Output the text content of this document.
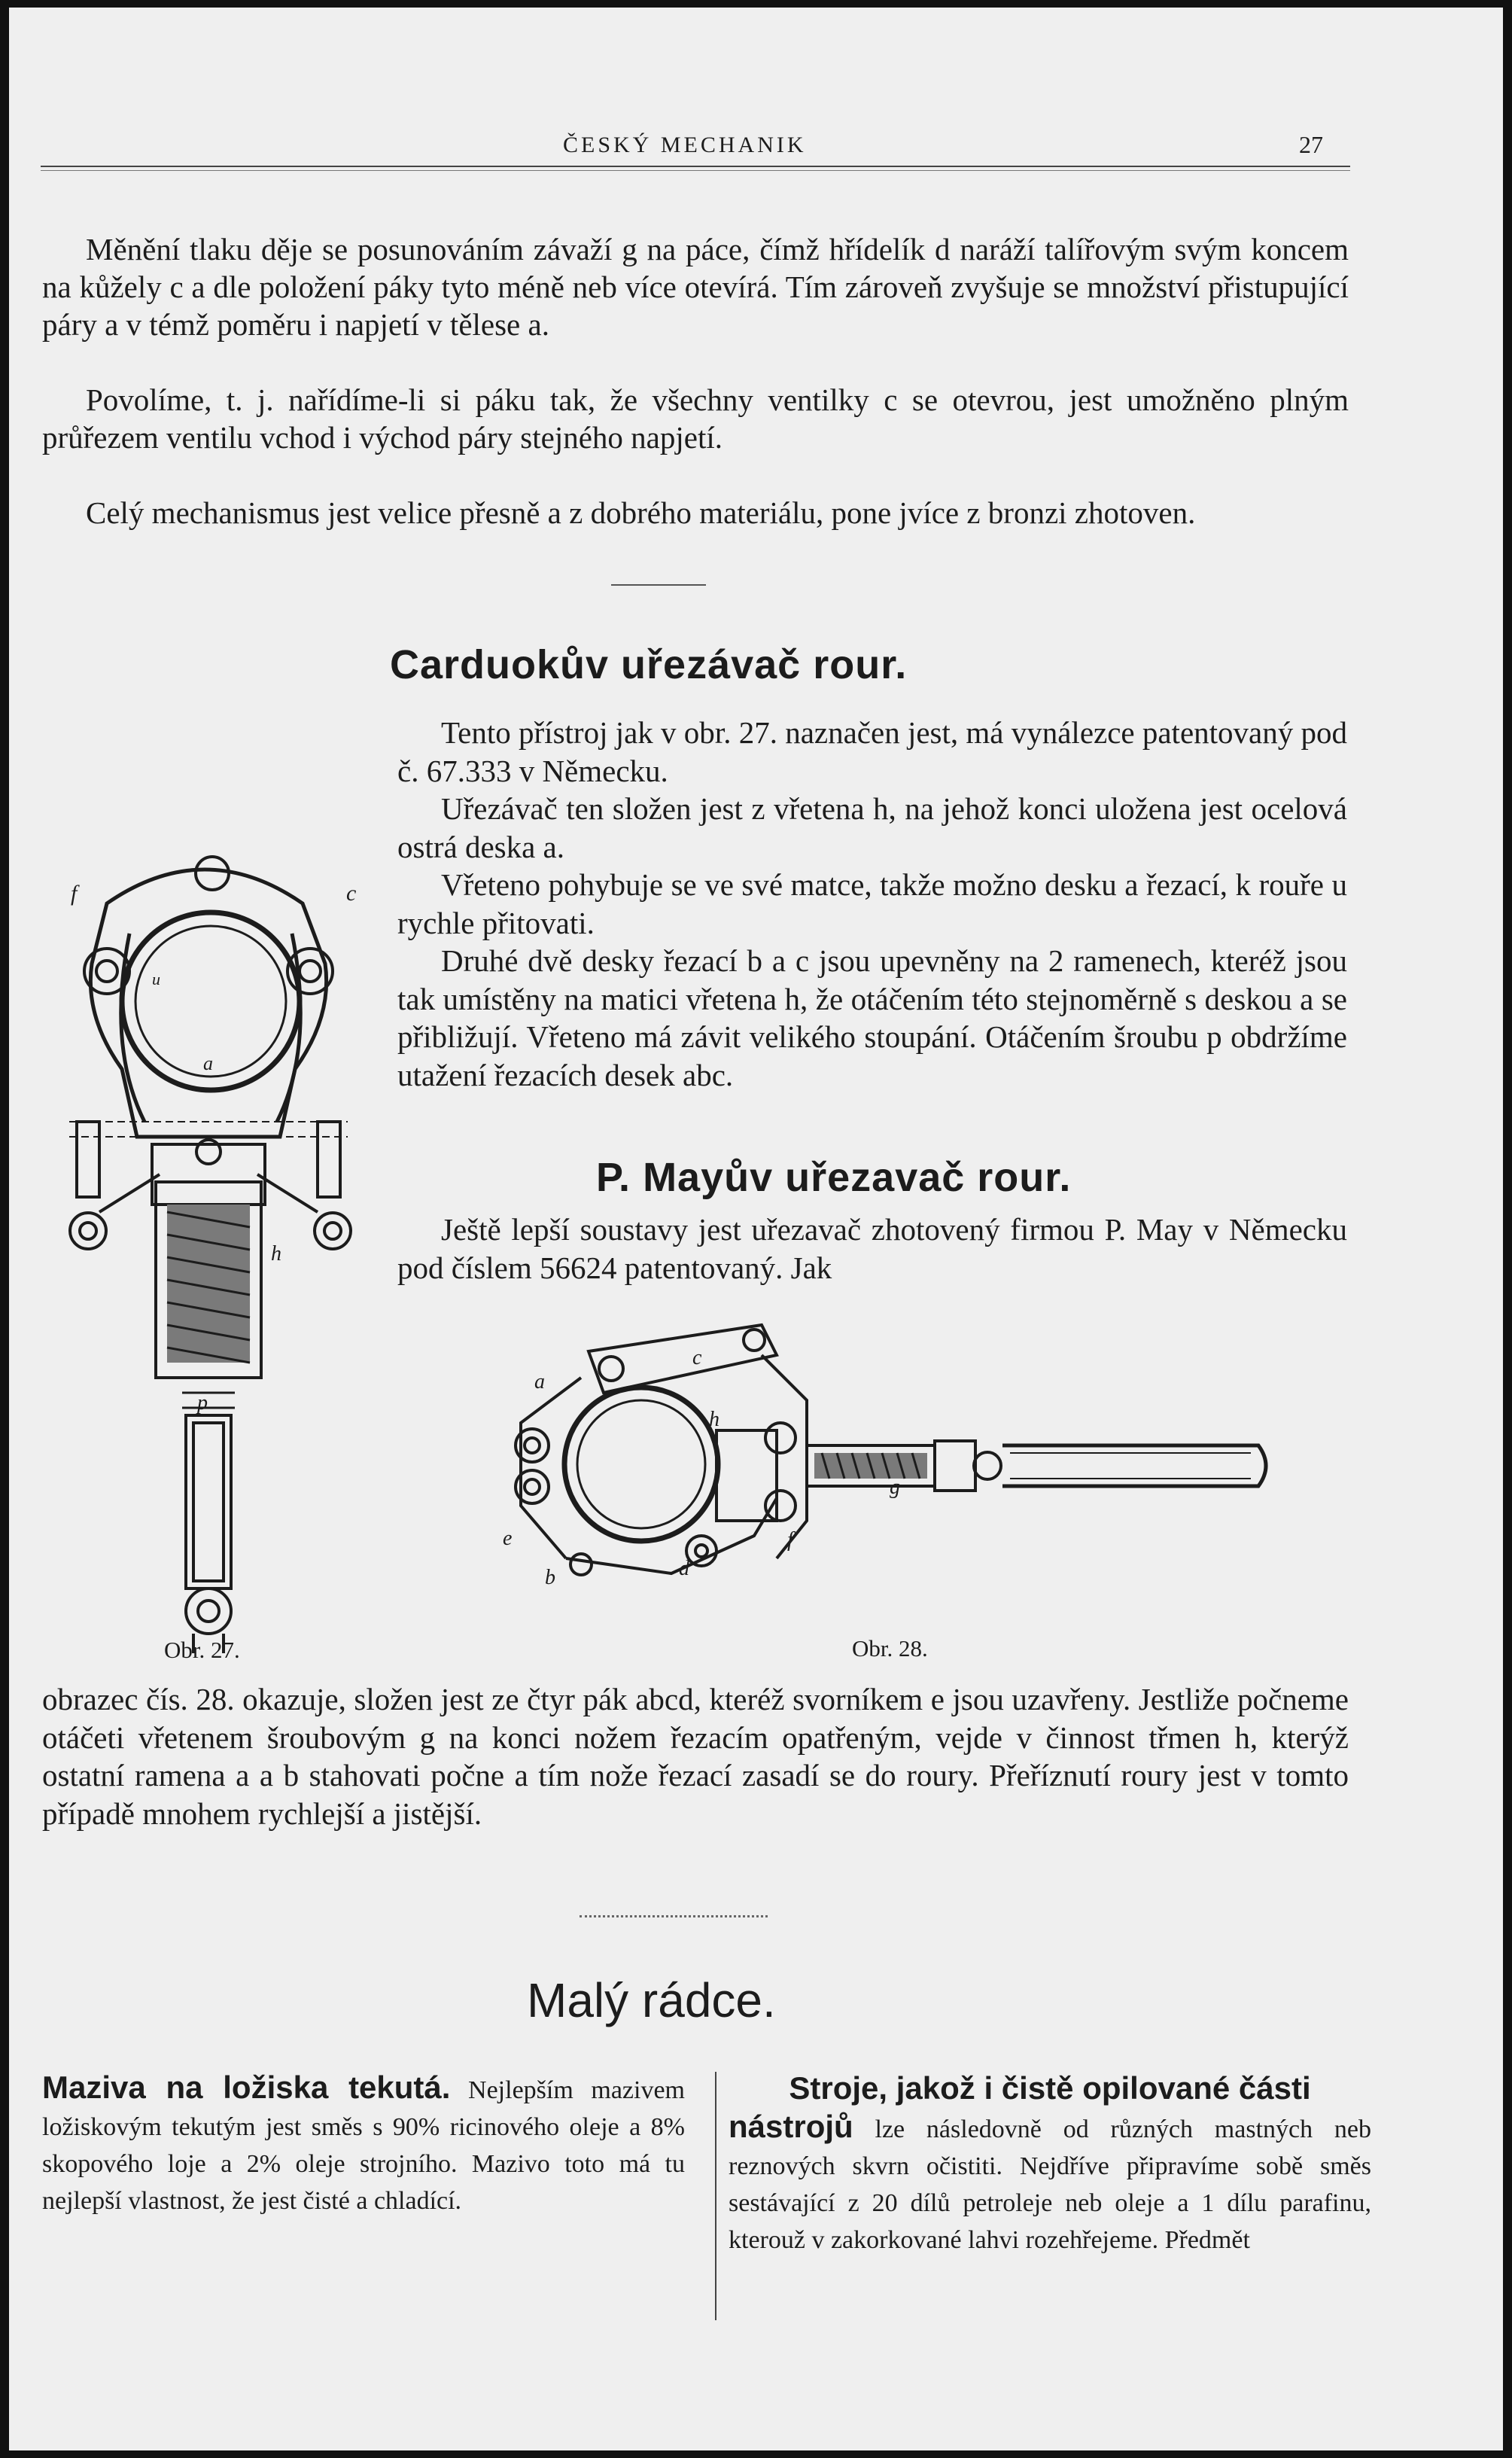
ČESKÝ MECHANIK	27

Měnění tlaku děje se posunováním závaží g na páce, čímž hřídelík d naráží talířovým svým koncem na kůžely c a dle položení páky tyto méně neb více otevírá. Tím zároveň zvyšuje se množství přistupující páry a v témž poměru i napjetí v tělese a.

Povolíme, t. j. nařídíme-li si páku tak, že všechny ventilky c se otevrou, jest umožněno plným průřezem ventilu vchod i východ páry stejného napjetí.

Celý mechanismus jest velice přesně a z dobrého materiálu, pone jvíce z bronzi zhotoven.

Carduokův uřezávač rour.

Tento přístroj jak v obr. 27. naznačen jest, má vynálezce patentovaný pod č. 67.333 v Německu.

Uřezávač ten složen jest z vřetena h, na jehož konci uložena jest ocelová ostrá deska a.

Vřeteno pohybuje se ve své matce, takže možno desku a řezací, k rouře u rychle přitovati.

Druhé dvě desky řezací b a c jsou upevněny na 2 ramenech, kteréž jsou tak umístěny na matici vřetena h, že otáčením této stejnoměrně s deskou a se přibližují. Vřeteno má závit velikého stoupání. Otáčením šroubu p obdržíme utažení řezacích desek abc.

P. Mayův uřezavač rour.

Ještě lepší soustavy jest uřezavač zhotovený firmou P. May v Německu pod číslem 56624 patentovaný. Jak

f	c
u
a
h
p
Obr. 27.
a
c
h
g
e
b	d
f
Obr. 28.

obrazec čís. 28. okazuje, složen jest ze čtyr pák abcd, kteréž svorníkem e jsou uzavřeny. Jestliže počneme otáčeti vřetenem šroubovým g na konci nožem řezacím opatřeným, vejde v činnost třmen h, kterýž ostatní ramena a a b stahovati počne a tím nože řezací zasadí se do roury. Přeříznutí roury jest v tomto případě mnohem rychlejší a jistější.

Malý rádce.

Maziva na ložiska tekutá. Nejlepším mazivem ložiskovým tekutým jest směs s 90% ricinového oleje a 8% skopového loje a 2% oleje strojního. Mazivo toto má tu nejlepší vlastnost, že jest čisté a chladící.

Stroje, jakož i čistě opilované části

nástrojů lze následovně od různých mastných neb reznových skvrn očistiti. Nejdříve připravíme sobě směs sestávající z 20 dílů petroleje neb oleje a 1 dílu parafinu, kterouž v zakorkované lahvi rozehřejeme. Předmět
